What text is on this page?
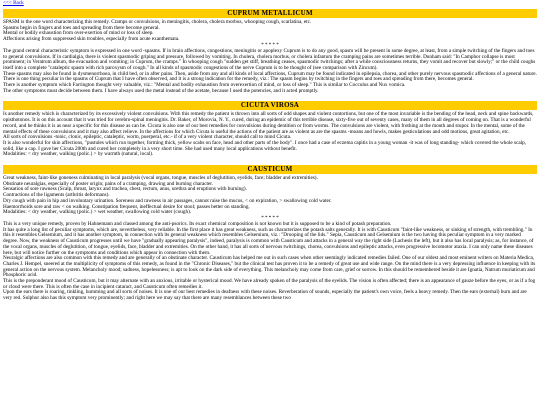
<<< Back
CUPRUM METALLICUM

SPASM is the one word characterizing this remedy. Cramps or convulsions, in meningitis, cholera, cholera morbus, whooping cough, scarlatina, etc.

Spasms begin in fingers and toes and spreading from there become general.

Mental or bodily exhaustion from over-exertion of mind or loss of sleep.

Affections arising from suppressed skin troubles, especially from acute exanthemata.

* * * * *

The grand central characteristic symptom is expressed in one word -spasms. If in brain affections, congestions, meningitis or apoplexy Cuprum is to do any good, spasm will be present in some degree, at least, from a simple twitching of the fingers and toes to general convulsions. If in cardialgia, there is violent spasmodic griping and pressure, followed by vomiting. In cholera, cholera morbus, or cholera infantum the cramping pains are sometimes terrible. Dunham said: "In Camphor collapse is most prominent; in Veratrum album, the evacuation and vomiting; in Cuprum, the cramps." In whooping cough "sudden get stiff, breathing ceases, spasmodic twitchings; after a while consciousness returns, they vomit and recover but slowly;" or the child coughs itself into a complete "cataleptic spasm with rich paroxysm of cough." In all kinds of spasmodic congestions of the nerve Cuprum is to be thought of (see comparison with Zincum).

These spasms may also be found in dysmenorrhoea, in child bed, or in after pains. Then, aside from any and all kinds of local affections, Cuprum may be found indicated in epilepsia, chorea, and other purely nervous spasmodic affections of a general nature. There is one thing peculiar in the spasms of Cuprum that I have often observed, and it is a strong indication for the remedy, viz.: The spasm begins by twitching in the fingers and toes and spreading from there, becomes general.

There is another symptom which Farrington thought very valuable, viz.: "Mental and bodily exhaustion from overexertion of mind, or loss of sleep." This is similar to Cocculus and Nux vomica.

The other symptoms must decide between them. I have always used the metal instead of the acetate, because I used the potencies, and it acted promptly.

CICUTA VIROSA

Is another remedy which is characterized by its excessively violent convulsions. With this remedy the patient is thrown into all sorts of odd shapes and violent contortions, but one of the most invariable is the bending of the head, neck and spine backwards, opisthotonos. It is on this account that it was tried for cerebro-spinal meningitis. Dr. Baker, of Morovia, N. Y., cured, during an epidemic of this terrible disease, sixty-five out of seventy cases, many of them in all degrees of coming on. That is a wonderful record, and he thinks it is as near a specific for this disease as can be. Cicuta is also one of our best remedies for convulsions during dentition or from worms. The convulsions are violent, with frothing at the mouth and stupor. In the mental, some of the mental effects of these convulsions and it may also affect relieve. In the affections for which Cicuta is useful the actions of the patient are as violent as are the spasms -moans and howls, makes gesticulations and odd motions, great agitation, etc.

All sorts of convulsions -tonic, clonic, epileptic, cataleptic, worm, puerperal, etc.- if of a very violent character, should call to mind Cicuta.

It is also wonderful for skin affections, "pustules which run together, forming thick, yellow scabs on face, head and other parts of the body". I once had a case of eczema capitis in a young woman -it was of long standing- which covered the whole scalp, solid, like a cap. I gave her Cicuta 200th and cured her completely in a very short time. She had used many local applications without benefit.

Modalities: < dry weather, walking (polic.) > by warmth (natural, local).

CAUSTICUM

Great weakness, faint-like goneness culminating in local paralysis (vocal organs, tongue, muscles of deglutition, eyelids, face; bladder and extremities).

Obstinate neuralgias, especially of poster origin; pains of a cramping, drawing and burning character.

Sensation of sore rawness (Scalp, throat, larynx and trachea, chest, rectum, anus, urethra and eruptions with burning).

Contractions of the ligaments (arthritis deformans).

Dry cough with pain in hip and involuntary urination. Soreness and rawness in air passages, cannot raise the mucus, < on expiration, > swallowing cold water.

Haemorrhoids sore and raw < on walking. Constipation frequent, ineffectual desire for stool; passes better on standing.

Modalities: < dry weather, walking (polic.) > wet weather, swallowing cold water (cough).

* * * * *

This is a very unique remedy, proven by Hahnemann and classed among the anti-psorics. Its exact chemical composition is not known but it is supposed to be a kind of potash preparation.

It has quite a long list of peculiar symptoms, which are, nevertheless, very reliable. In the first place it has great weakness, such as characterizes the potash salts generally. It is with Causticum "faint-like weakness, or sinking of strength, with trembling." In this it resembles Gelsemium, and it has another symptom, in connection with its general weakness which resembles Gelsemium, viz.: "Drooping of the lids." Sepia, Causticum and Gelsemium is the two having this peculiar symptom in a very marked degree. Now, the weakness of Causticum progresses until we have "gradually appearing paralysis", indeed, paralysis is common with Causticum and attacks in a general way the right side (Lachesis the left), but it also has local paralysis; as, for instance, of the vocal organs, muscles of deglutition, of tongue, eyelids, face, bladder and extremities. On the other hand, it has all sorts of nervous twitchings, chorea, convulsions and epileptic attacks, even progressive locomotor ataxia. I can only name these diseases here, but will notice further on the symptoms and conditions which appear in connection with them.

Neuralgic affections are also common with this remedy and are generally of an obstinate character. Causticum has helped me out in such cases when other seemingly indicated remedies failed. One of our oldest and most eminent writers on Materia Medica, Charles J. Hempel, sneered at the multiplicity of symptoms of this remedy, as found in the "Chronic Diseases," but the clinical test has proven it to be a remedy of great use and wide range. On the mind there is a very depressing influence in keeping with its general action on the nervous system. Melancholy mood; sadness, hopelessness; is apt to look on the dark side of everything. This melancholy may come from care, grief or sorrow. In this should be remembered beside it are Ignatia, Natrum muriaticum and Phosphoric acid.

This is the preponderant mood of Causticum, but it may alternate with an anxious, irritable or hysterical mood. We have already spoken of the paralysis of the eyelids. The vision is often affected; there is an appearance of gauze before the eyes, or as if a fog or cloud were there. This is often the case in incipient cataract, and Causticum often remedies it.

Upon the ears there is roaring, tinkling, humming and all sorts of noises. It is one of our best remedies in deafness with these noises. Reverberation of sounds, especially the patient's own voice, feels a heavy remedy. Then the ears (external) burn and are very red. Sulphur also has this symptom very prominently; and right here we may say that there are many resemblances between these two
